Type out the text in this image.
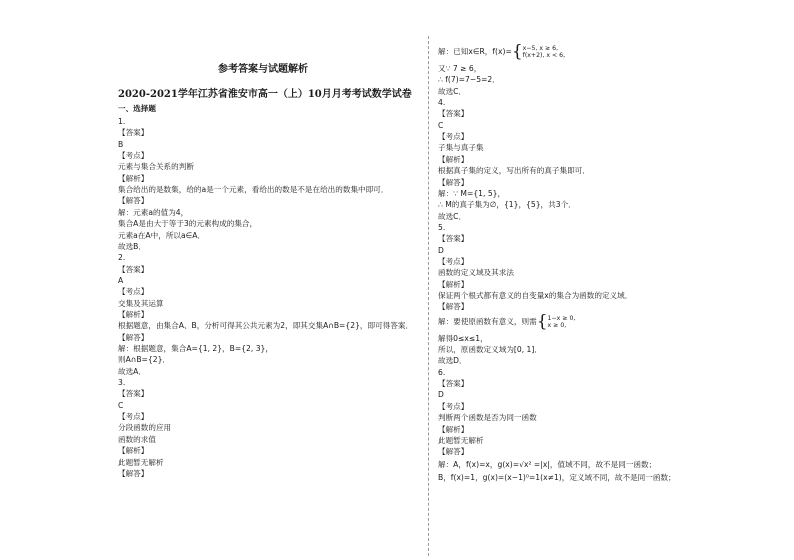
参考答案与试题解析
2020-2021学年江苏省淮安市高一（上）10月月考考试数学试卷
一、选择题
1.
【答案】
B
【考点】
元素与集合关系的判断
【解析】
集合给出的是数集，给的a是一个元素，看给出的数是不是在给出的数集中即可．
【解答】
解：元素a的值为4，
集合A是由大于等于3的元素构成的集合，
元素a在A中，所以a∈A．
故选B．
2.
【答案】
A
【考点】
交集及其运算
【解析】
根据题意，由集合A、B，分析可得其公共元素为2，即其交集A∩B={2}，即可得答案．
【解答】
解：根据题意，集合A={1, 2}，B={2, 3}，
则A∩B={2}．
故选A．
3.
【答案】
C
【考点】
分段函数的应用
函数的求值
【解析】
此题暂无解析
【解答】
解：已知x∈R，f(x)={ x−5, x ≥ 6,
f(x+2), x < 6,
又∵ 7 ≥ 6，
∴ f(7)=7−5=2．
故选C．
4.
【答案】
C
【考点】
子集与真子集
【解析】
根据真子集的定义，写出所有的真子集即可．
【解答】
解：∵ M={1, 5}，
∴ M的真子集为∅，{1}，{5}，共3个．
故选C．
5.
【答案】
D
【考点】
函数的定义域及其求法
【解析】
保证两个根式都有意义的自变量x的集合为函数的定义域．
【解答】
解：要使原函数有意义，则需{ 1−x ≥ 0,
x ≥ 0,
解得0≤x≤1，
所以，原函数定义域为[0, 1]．
故选D．
6.
【答案】
D
【考点】
判断两个函数是否为同一函数
【解析】
此题暂无解析
【解答】
解：A，f(x)=x，g(x)=√x² =|x|，值域不同，故不是同一函数；
B，f(x)=1，g(x)=(x−1)⁰=1(x≠1)，定义域不同，故不是同一函数；
